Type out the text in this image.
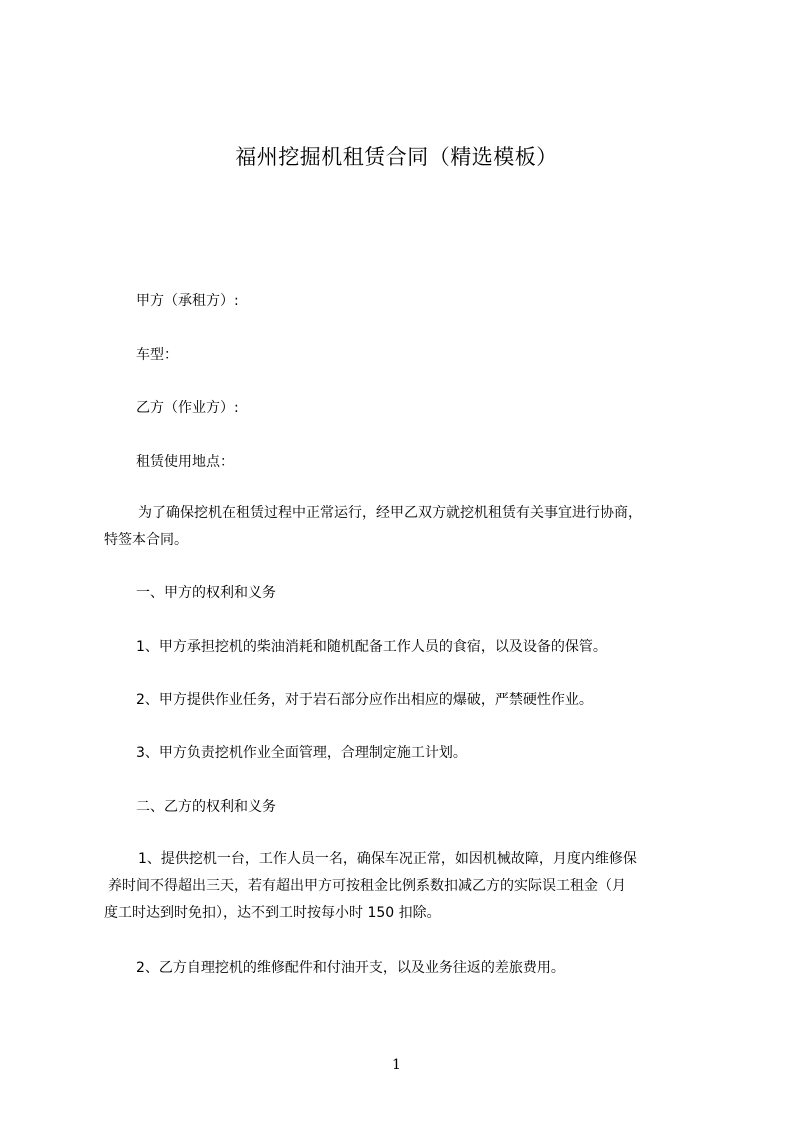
福州挖掘机租赁合同（精选模板）
甲方（承租方）:
车型：
乙方（作业方）:
租赁使用地点：
为了确保挖机在租赁过程中正常运行，经甲乙双方就挖机租赁有关事宜进行协商，
特签本合同。
一、甲方的权利和义务
1、甲方承担挖机的柴油消耗和随机配备工作人员的食宿，以及设备的保管。
2、甲方提供作业任务，对于岩石部分应作出相应的爆破，严禁硬性作业。
3、甲方负责挖机作业全面管理，合理制定施工计划。
二、乙方的权利和义务
1、提供挖机一台，工作人员一名，确保车况正常，如因机械故障，月度内维修保
养时间不得超出三天，若有超出甲方可按租金比例系数扣减乙方的实际误工租金（月
度工时达到时免扣），达不到工时按每小时 150 扣除。
2、乙方自理挖机的维修配件和付油开支，以及业务往返的差旅费用。
1
